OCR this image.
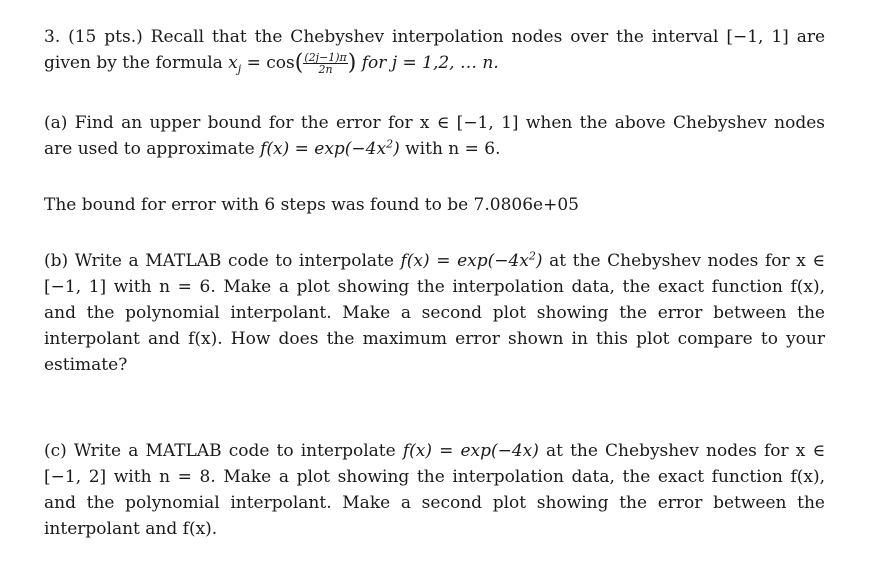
3. (15 pts.) Recall that the Chebyshev interpolation nodes over the interval [−1, 1] are given by the formula $x_j = \cos( \frac{(2j-1)\pi}{2n}$ ) for j = 1,2, … n.
(a) Find an upper bound for the error for x ∈ [−1, 1] when the above Chebyshev nodes are used to approximate $f(x) = \exp(-4x^2)$ with n = 6.
The bound for error with 6 steps was found to be 7.0806e+05
(b) Write a MATLAB code to interpolate $f(x) = \exp(-4x^2)$ at the Chebyshev nodes for x ∈ [−1, 1] with n = 6. Make a plot showing the interpolation data, the exact function f(x), and the polynomial interpolant. Make a second plot showing the error between the interpolant and f(x). How does the maximum error shown in this plot compare to your estimate?
(c) Write a MATLAB code to interpolate f(x) = exp(−4x) at the Chebyshev nodes for x ∈ [−1, 2] with n = 8. Make a plot showing the interpolation data, the exact function f(x), and the polynomial interpolant. Make a second plot showing the error between the interpolant and f(x).
